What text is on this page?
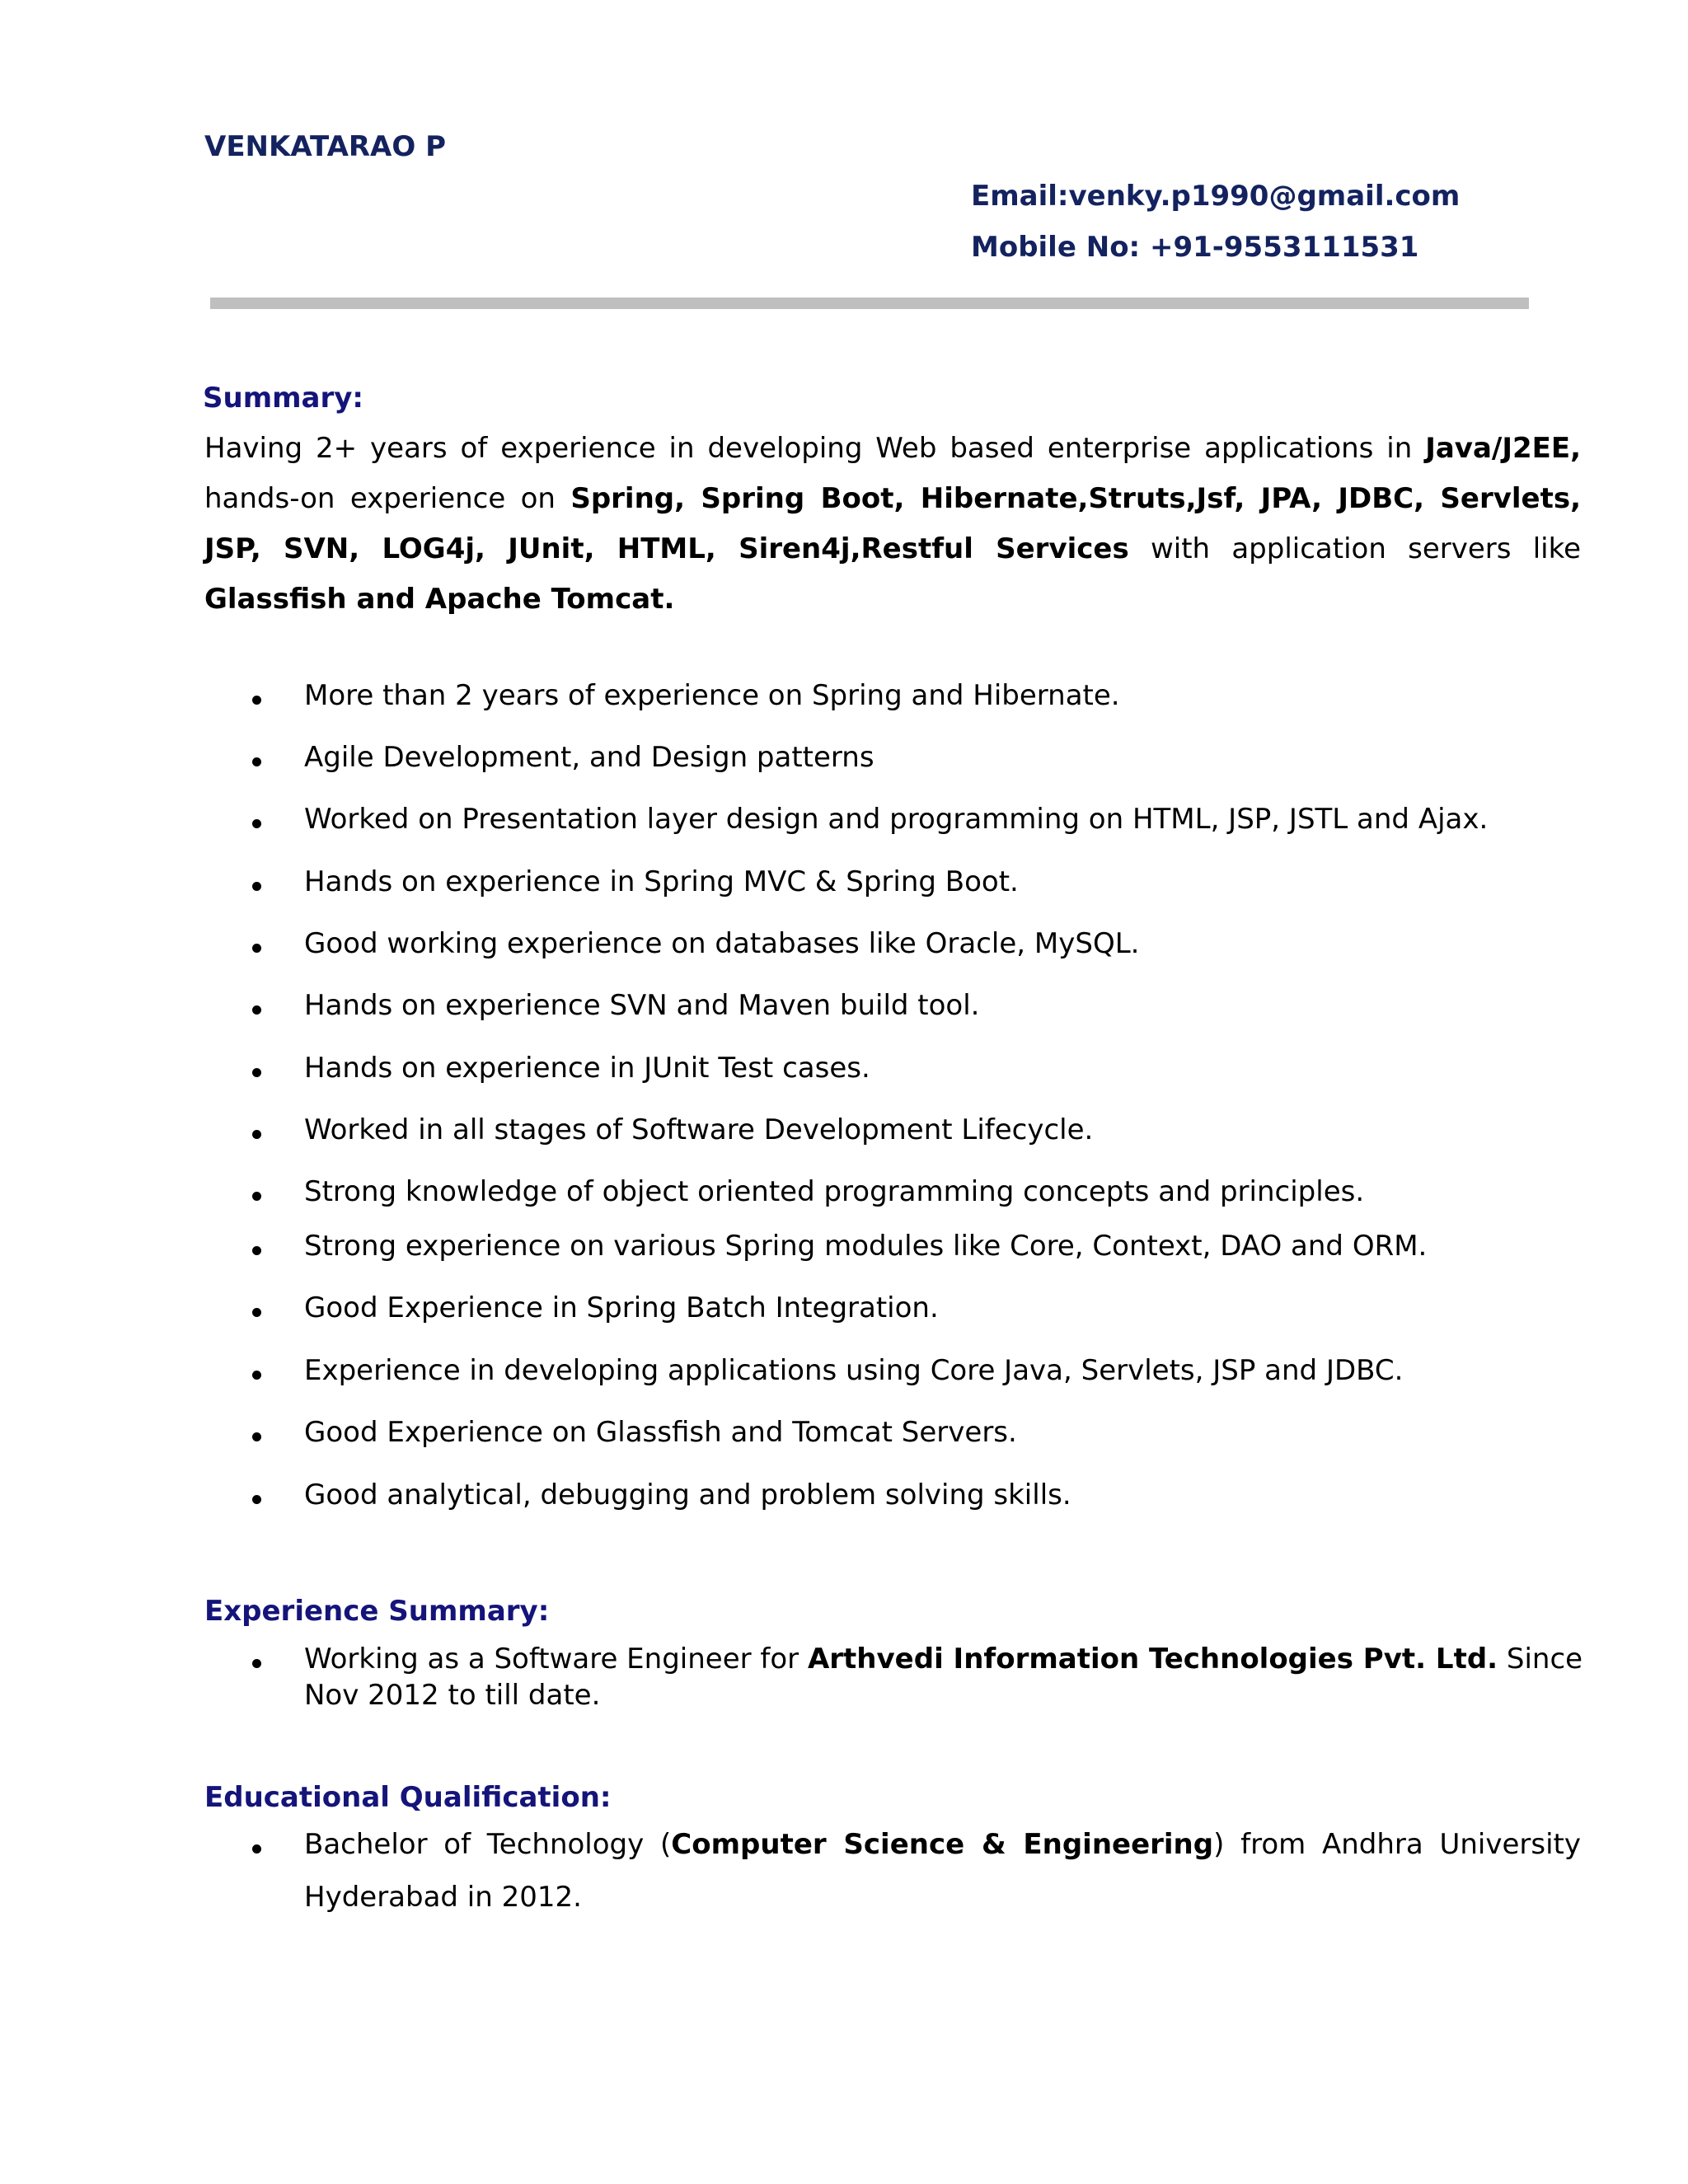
VENKATARAO P
Email:venky.p1990@gmail.com
Mobile No: +91-9553111531
Summary:
Having 2+ years of experience in developing Web based enterprise applications in Java/J2EE,
hands-on experience on Spring, Spring Boot, Hibernate,Struts,Jsf, JPA, JDBC, Servlets,
JSP, SVN, LOG4j, JUnit, HTML, Siren4j,Restful Services with application servers like
Glassfish and Apache Tomcat.
More than 2 years of experience on Spring and Hibernate.
Agile Development, and Design patterns
Worked on Presentation layer design and programming on HTML, JSP, JSTL and Ajax.
Hands on experience in Spring MVC & Spring Boot.
Good working experience on databases like Oracle, MySQL.
Hands on experience SVN and Maven build tool.
Hands on experience in JUnit Test cases.
Worked in all stages of Software Development Lifecycle.
Strong knowledge of object oriented programming concepts and principles.
Strong experience on various Spring modules like Core, Context, DAO and ORM.
Good Experience in Spring Batch Integration.
Experience in developing applications using Core Java, Servlets, JSP and JDBC.
Good Experience on Glassfish and Tomcat Servers.
Good analytical, debugging and problem solving skills.
Experience Summary:
Working as a Software Engineer for Arthvedi Information Technologies Pvt. Ltd. Since
Nov 2012 to till date.
Educational Qualification:
Bachelor of Technology (Computer Science & Engineering) from Andhra University
Hyderabad in 2012.
